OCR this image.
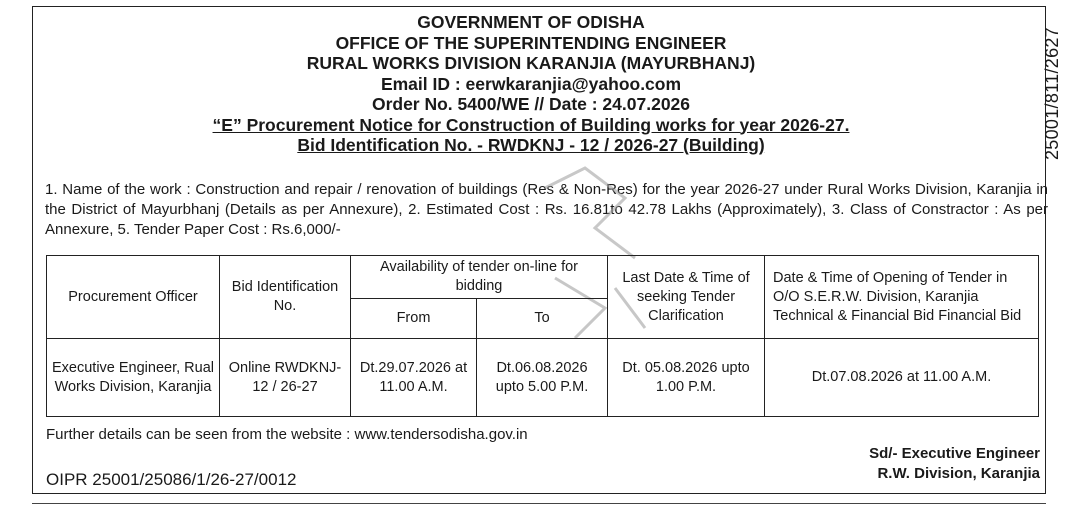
25001/811/2627
GOVERNMENT OF ODISHA
OFFICE OF THE SUPERINTENDING ENGINEER
RURAL WORKS DIVISION KARANJIA (MAYURBHANJ)
Email ID : eerwkaranjia@yahoo.com
Order No. 5400/WE // Date : 24.07.2026
“E” Procurement Notice for Construction of Building works for year 2026-27.
Bid Identification No. - RWDKNJ - 12 / 2026-27 (Building)
1. Name of the work : Construction and repair / renovation of buildings (Res & Non-Res) for the year 2026-27 under Rural Works Division, Karanjia in the District of Mayurbhanj (Details as per Annexure), 2. Estimated Cost : Rs. 16.81to 42.78 Lakhs (Approximately), 3. Class of Constractor : As per Annexure, 5. Tender Paper Cost : Rs.6,000/-
Procurement Officer	Bid Identification No.	Availability of tender on-line for bidding		Last Date & Time of seeking Tender Clarification	Date & Time of Opening of Tender in O/O S.E.R.W. Division, Karanjia Technical & Financial Bid Financial Bid
		From	To		
Executive Engineer, Rual Works Division, Karanjia	Online RWDKNJ-12 / 26-27	Dt.29.07.2026 at 11.00 A.M.	Dt.06.08.2026 upto 5.00 P.M.	Dt. 05.08.2026 upto 1.00 P.M.	Dt.07.08.2026 at 11.00 A.M.
Further details can be seen from the website : www.tendersodisha.gov.in
Sd/- Executive Engineer
R.W. Division, Karanjia
OIPR 25001/25086/1/26-27/0012
